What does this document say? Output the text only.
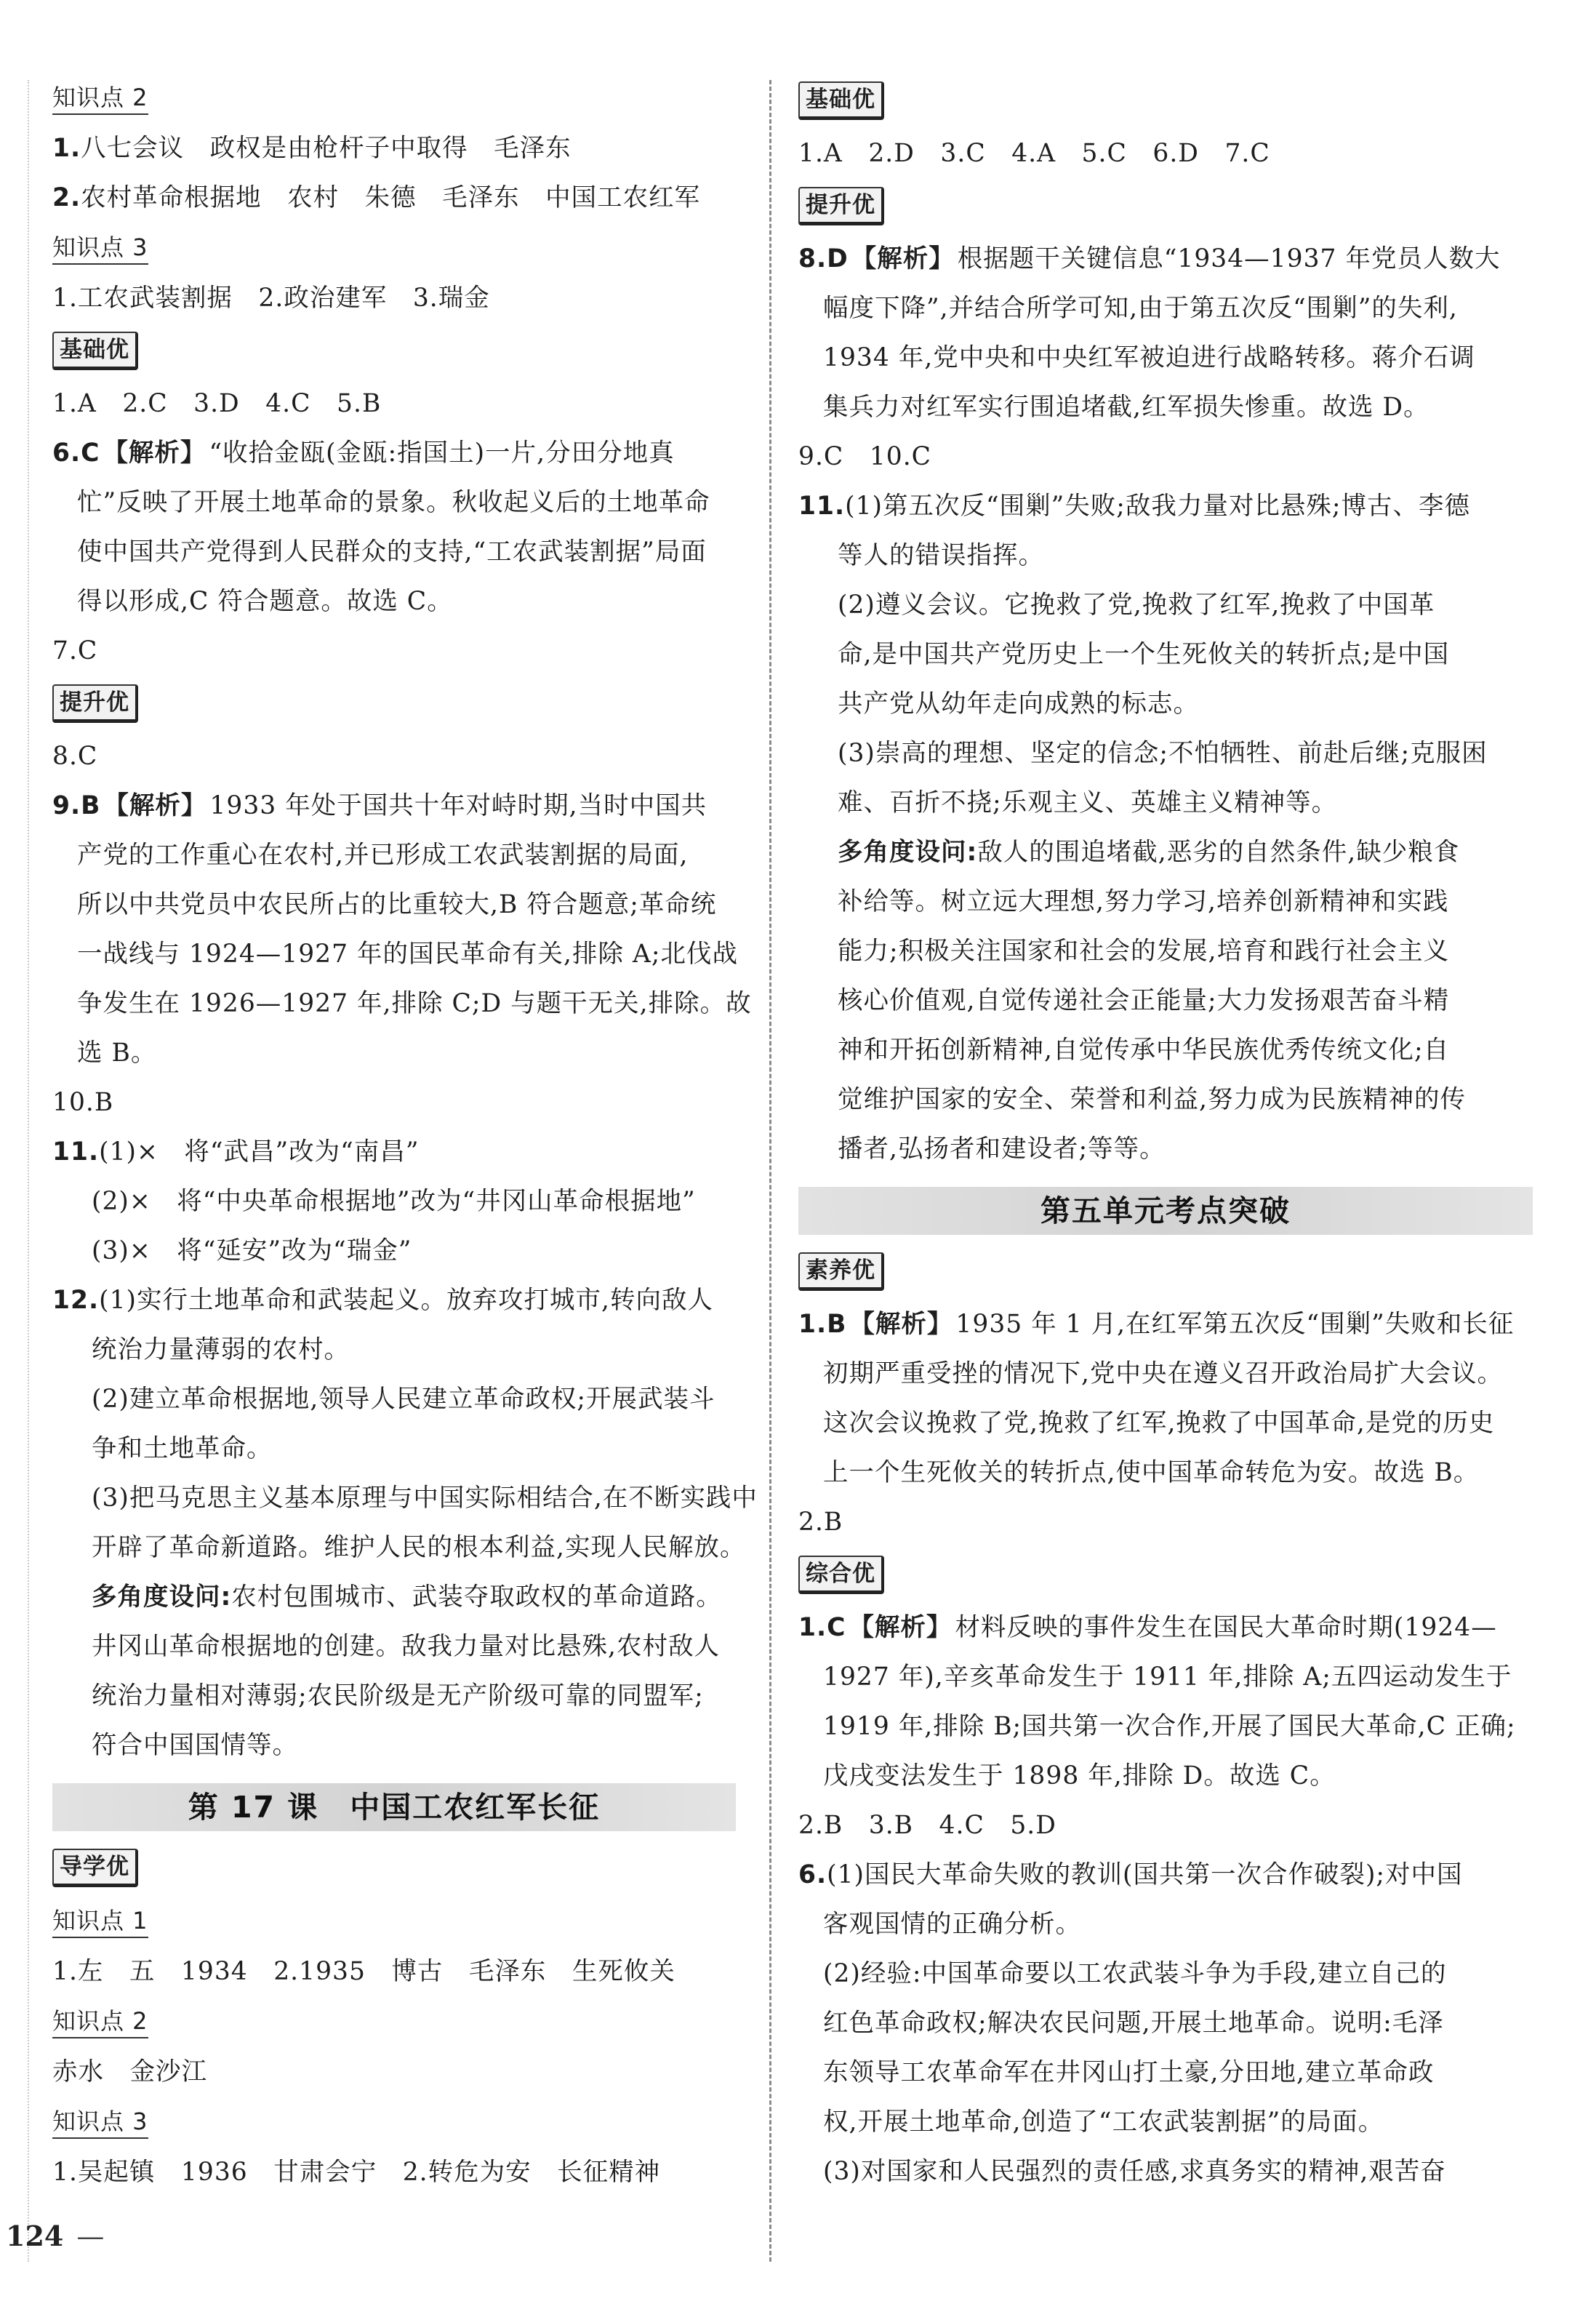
知识点 2
1.八七会议　政权是由枪杆子中取得　毛泽东
2.农村革命根据地　农村　朱德　毛泽东　中国工农红军
知识点 3
1.工农武装割据　2.政治建军　3.瑞金
基础优
1.A　2.C　3.D　4.C　5.B
6.C 【解析】 “收拾金瓯(金瓯:指国土)一片,分田分地真
忙”反映了开展土地革命的景象。秋收起义后的土地革命
使中国共产党得到人民群众的支持,“工农武装割据”局面
得以形成,C 符合题意。故选 C。
7.C
提升优
8.C
9.B 【解析】 1933 年处于国共十年对峙时期,当时中国共
产党的工作重心在农村,并已形成工农武装割据的局面,
所以中共党员中农民所占的比重较大,B 符合题意;革命统
一战线与 1924—1927 年的国民革命有关,排除 A;北伐战
争发生在 1926—1927 年,排除 C;D 与题干无关,排除。故
选 B。
10.B
11.(1)×　将“武昌”改为“南昌”
(2)×　将“中央革命根据地”改为“井冈山革命根据地”
(3)×　将“延安”改为“瑞金”
12.(1)实行土地革命和武装起义。放弃攻打城市,转向敌人
统治力量薄弱的农村。
(2)建立革命根据地,领导人民建立革命政权;开展武装斗
争和土地革命。
(3)把马克思主义基本原理与中国实际相结合,在不断实践中
开辟了革命新道路。维护人民的根本利益,实现人民解放。
多角度设问:农村包围城市、武装夺取政权的革命道路。
井冈山革命根据地的创建。敌我力量对比悬殊,农村敌人
统治力量相对薄弱;农民阶级是无产阶级可靠的同盟军;
符合中国国情等。
第 17 课　中国工农红军长征
导学优
知识点 1
1.左　五　1934　2.1935　博古　毛泽东　生死攸关
知识点 2
赤水　金沙江
知识点 3
1.吴起镇　1936　甘肃会宁　2.转危为安　长征精神
基础优
1.A　2.D　3.C　4.A　5.C　6.D　7.C
提升优
8.D 【解析】 根据题干关键信息“1934—1937 年党员人数大
幅度下降”,并结合所学可知,由于第五次反“围剿”的失利,
1934 年,党中央和中央红军被迫进行战略转移。蒋介石调
集兵力对红军实行围追堵截,红军损失惨重。故选 D。
9.C　10.C
11.(1)第五次反“围剿”失败;敌我力量对比悬殊;博古、李德
等人的错误指挥。
(2)遵义会议。它挽救了党,挽救了红军,挽救了中国革
命,是中国共产党历史上一个生死攸关的转折点;是中国
共产党从幼年走向成熟的标志。
(3)崇高的理想、坚定的信念;不怕牺牲、前赴后继;克服困
难、百折不挠;乐观主义、英雄主义精神等。
多角度设问:敌人的围追堵截,恶劣的自然条件,缺少粮食
补给等。树立远大理想,努力学习,培养创新精神和实践
能力;积极关注国家和社会的发展,培育和践行社会主义
核心价值观,自觉传递社会正能量;大力发扬艰苦奋斗精
神和开拓创新精神,自觉传承中华民族优秀传统文化;自
觉维护国家的安全、荣誉和利益,努力成为民族精神的传
播者,弘扬者和建设者;等等。
第五单元考点突破
素养优
1.B 【解析】 1935 年 1 月,在红军第五次反“围剿”失败和长征
初期严重受挫的情况下,党中央在遵义召开政治局扩大会议。
这次会议挽救了党,挽救了红军,挽救了中国革命,是党的历史
上一个生死攸关的转折点,使中国革命转危为安。故选 B。
2.B
综合优
1.C 【解析】 材料反映的事件发生在国民大革命时期(1924—
1927 年),辛亥革命发生于 1911 年,排除 A;五四运动发生于
1919 年,排除 B;国共第一次合作,开展了国民大革命,C 正确;
戊戌变法发生于 1898 年,排除 D。故选 C。
2.B　3.B　4.C　5.D
6.(1)国民大革命失败的教训(国共第一次合作破裂);对中国
客观国情的正确分析。
(2)经验:中国革命要以工农武装斗争为手段,建立自己的
红色革命政权;解决农民问题,开展土地革命。说明:毛泽
东领导工农革命军在井冈山打土豪,分田地,建立革命政
权,开展土地革命,创造了“工农武装割据”的局面。
(3)对国家和人民强烈的责任感,求真务实的精神,艰苦奋
124 —
